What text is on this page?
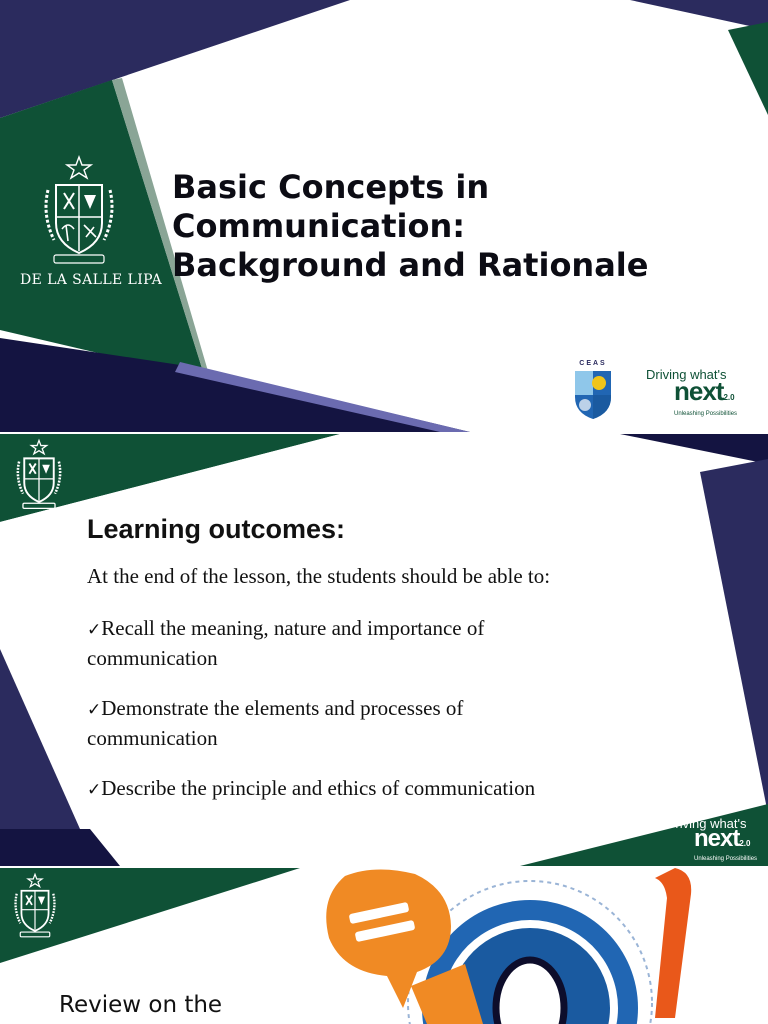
DE LA SALLE LIPA
Basic Concepts in
Communication:
Background and Rationale
CEAS
Driving what's
next2.0
Unleashing Possibilities
Learning outcomes:
At the end of the lesson, the students should be able to:
✓Recall the meaning, nature and importance of communication
✓Demonstrate the elements and processes of communication
✓Describe the principle and ethics of communication
Driving what's
next2.0
Unleashing Possibilities
Review on the
